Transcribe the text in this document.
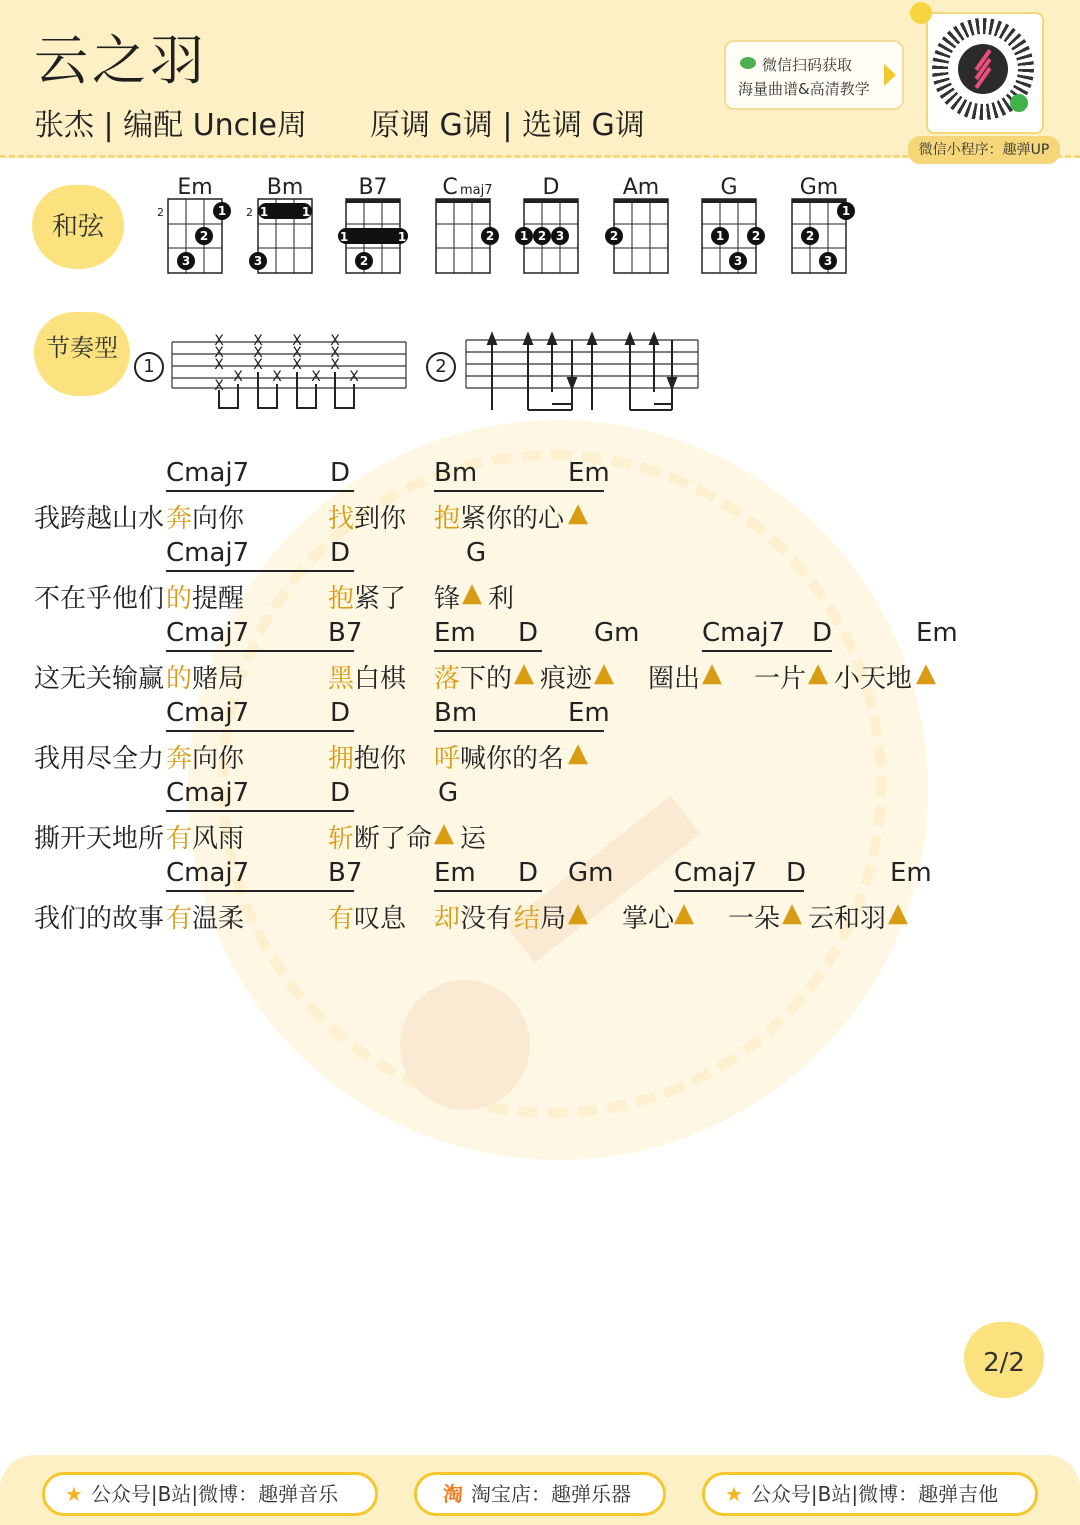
云之羽
张杰 | 编配 Uncle周 原调 G调 | 选调 G调
微信扫码获取
海量曲谱&高清教学
微信小程序：趣弹UP
和弦
Em
2	1
2
3
Bm
2 1	1
3
B7
1	1
2
C maj7
2
D
1 2 3
Am
2
G
1 2
3
Gm
1
2
3
节奏型
1
X
X
X
X
X
X
X
X
X
X
X
X
X
X
X
X
X	2
Cmaj7	D	Bm	Em
我跨越山水 奔 向你	找 到你 抱 紧你的心 ▲
Cmaj7	D	G
不在乎他们 的 提醒	抱 紧了 锋 ▲ 利
Cmaj7	B7	Em D Gm Cmaj7 D	Em
这无关输赢 的 赌局	黑 白棋 落 下的 ▲ 痕迹 ▲ 圈出 ▲ 一片 ▲ 小天地 ▲
Cmaj7	D	Bm	Em
我用尽全力 奔 向你	拥 抱你 呼 喊你的名 ▲
Cmaj7	D	G
撕开天地所 有 风雨	斩 断了命 ▲ 运
Cmaj7	B7	Em D Gm Cmaj7 D	Em
我们的故事 有 温柔	有 叹息 却 没有 结 局 ▲ 掌心 ▲ 一朵 ▲ 云和羽 ▲
2/2
★ 公众号|B站|微博：趣弹音乐	淘 淘宝店：趣弹乐器	★ 公众号|B站|微博：趣弹吉他
